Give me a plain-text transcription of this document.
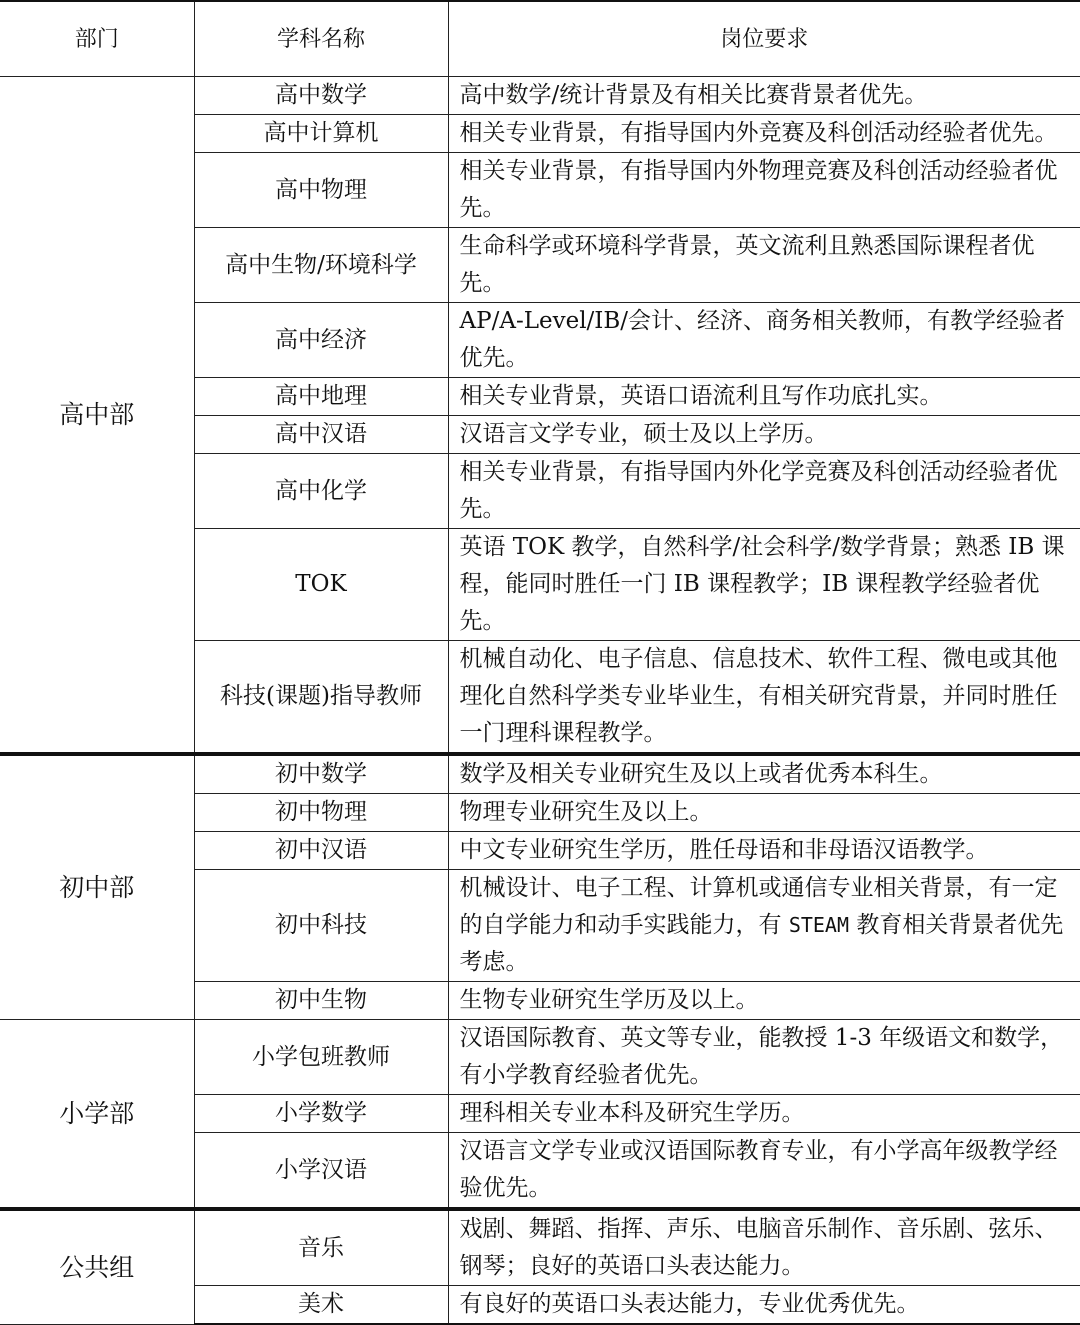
部门	学科名称	岗位要求
高中部	高中数学	高中数学/统计背景及有相关比赛背景者优先。
	高中计算机	相关专业背景，有指导国内外竞赛及科创活动经验者优先。
	高中物理	相关专业背景，有指导国内外物理竞赛及科创活动经验者优先。
	高中生物/环境科学	生命科学或环境科学背景，英文流利且熟悉国际课程者优先。
	高中经济	AP/A-Level/IB/会计、经济、商务相关教师，有教学经验者优先。
	高中地理	相关专业背景，英语口语流利且写作功底扎实。
	高中汉语	汉语言文学专业，硕士及以上学历。
	高中化学	相关专业背景，有指导国内外化学竞赛及科创活动经验者优先。
	TOK	英语 TOK 教学，自然科学/社会科学/数学背景；熟悉 IB 课程，能同时胜任一门 IB 课程教学；IB 课程教学经验者优先。
	科技(课题)指导教师	机械自动化、电子信息、信息技术、软件工程、微电或其他理化自然科学类专业毕业生，有相关研究背景，并同时胜任一门理科课程教学。
初中部	初中数学	数学及相关专业研究生及以上或者优秀本科生。
	初中物理	物理专业研究生及以上。
	初中汉语	中文专业研究生学历，胜任母语和非母语汉语教学。
	初中科技	机械设计、电子工程、计算机或通信专业相关背景，有一定的自学能力和动手实践能力，有 STEAM 教育相关背景者优先考虑。
	初中生物	生物专业研究生学历及以上。
小学部	小学包班教师	汉语国际教育、英文等专业，能教授 1-3 年级语文和数学，有小学教育经验者优先。
	小学数学	理科相关专业本科及研究生学历。
	小学汉语	汉语言文学专业或汉语国际教育专业，有小学高年级教学经验优先。
公共组	音乐	戏剧、舞蹈、指挥、声乐、电脑音乐制作、音乐剧、弦乐、钢琴；良好的英语口头表达能力。
	美术	有良好的英语口头表达能力，专业优秀优先。
